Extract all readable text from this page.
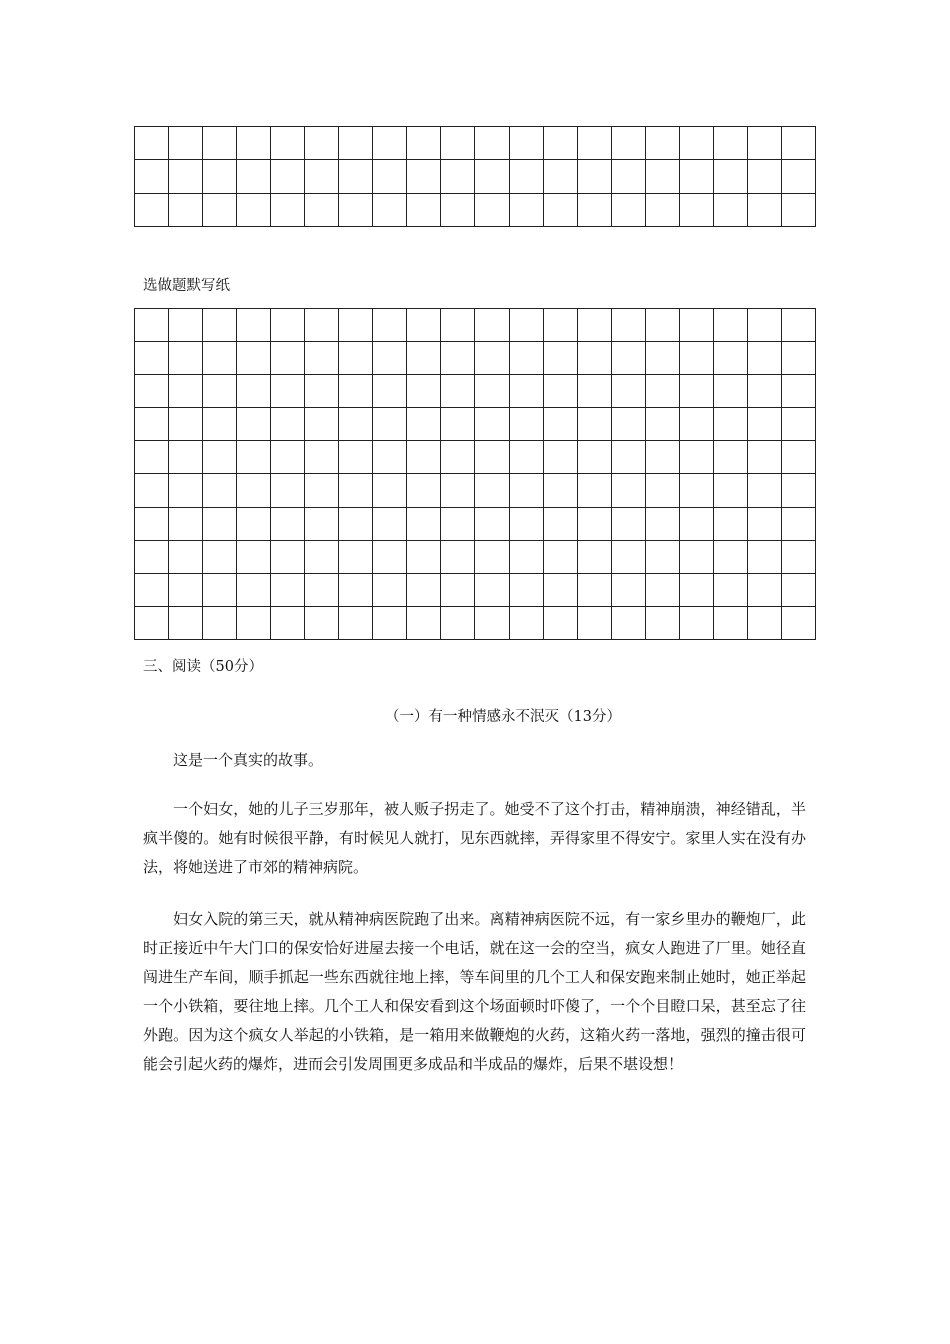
选做题默写纸
三、阅读（50分）
（一）有一种情感永不泯灭（13分）

这是一个真实的故事。

一个妇女，她的儿子三岁那年，被人贩子拐走了。她受不了这个打击，精神崩溃，神经错乱，半疯半傻的。她有时候很平静，有时候见人就打，见东西就摔，弄得家里不得安宁。家里人实在没有办法，将她送进了市郊的精神病院。

妇女入院的第三天，就从精神病医院跑了出来。离精神病医院不远，有一家乡里办的鞭炮厂，此时正接近中午大门口的保安恰好进屋去接一个电话，就在这一会的空当，疯女人跑进了厂里。她径直闯进生产车间，顺手抓起一些东西就往地上摔，等车间里的几个工人和保安跑来制止她时，她正举起一个小铁箱，要往地上摔。几个工人和保安看到这个场面顿时吓傻了，一个个目瞪口呆，甚至忘了往外跑。因为这个疯女人举起的小铁箱，是一箱用来做鞭炮的火药，这箱火药一落地，强烈的撞击很可能会引起火药的爆炸，进而会引发周围更多成品和半成品的爆炸，后果不堪设想！
